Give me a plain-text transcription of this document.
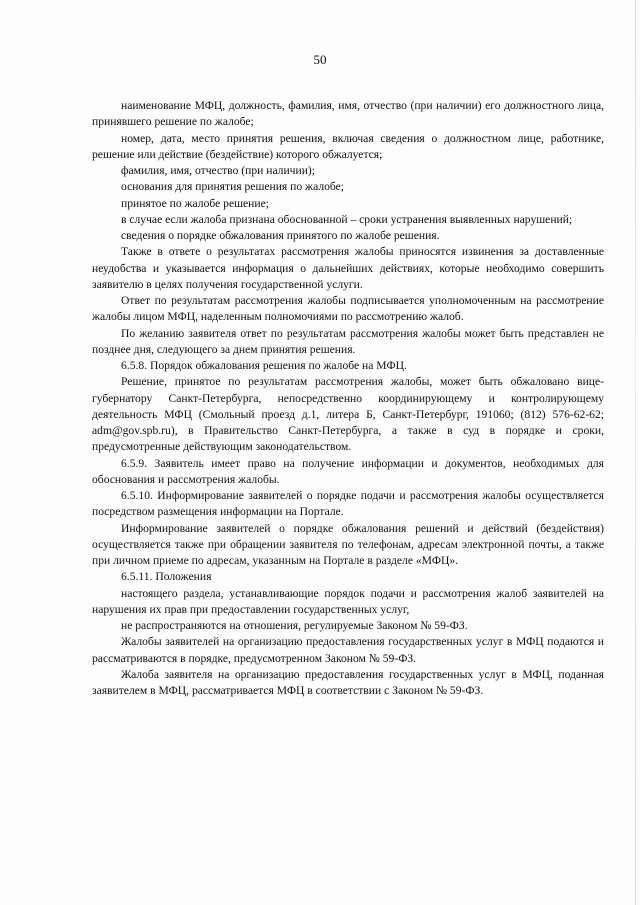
50

наименование МФЦ, должность, фамилия, имя, отчество (при наличии) его должностного лица, принявшего решение по жалобе;

номер, дата, место принятия решения, включая сведения о должностном лице, работнике, решение или действие (бездействие) которого обжалуется;

фамилия, имя, отчество (при наличии);

основания для принятия решения по жалобе;

принятое по жалобе решение;

в случае если жалоба признана обоснованной – сроки устранения выявленных нарушений;

сведения о порядке обжалования принятого по жалобе решения.

Также в ответе о результатах рассмотрения жалобы приносятся извинения за доставленные неудобства и указывается информация о дальнейших действиях, которые необходимо совершить заявителю в целях получения государственной услуги.

Ответ по результатам рассмотрения жалобы подписывается уполномоченным на рассмотрение жалобы лицом МФЦ, наделенным полномочиями по рассмотрению жалоб.

По желанию заявителя ответ по результатам рассмотрения жалобы может быть представлен не позднее дня, следующего за днем принятия решения.

6.5.8. Порядок обжалования решения по жалобе на МФЦ.

Решение, принятое по результатам рассмотрения жалобы, может быть обжаловано вице-губернатору Санкт-Петербурга, непосредственно координирующему и контролирующему деятельность МФЦ (Смольный проезд д.1, литера Б, Санкт-Петербург, 191060; (812) 576-62-62; adm@gov.spb.ru), в Правительство Санкт-Петербурга, а также в суд в порядке и сроки, предусмотренные действующим законодательством.

6.5.9. Заявитель имеет право на получение информации и документов, необходимых для обоснования и рассмотрения жалобы.

6.5.10. Информирование заявителей о порядке подачи и рассмотрения жалобы осуществляется посредством размещения информации на Портале.

Информирование заявителей о порядке обжалования решений и действий (бездействия) осуществляется также при обращении заявителя по телефонам, адресам электронной почты, а также при личном приеме по адресам, указанным на Портале в разделе «МФЦ».

6.5.11. Положения

настоящего раздела, устанавливающие порядок подачи и рассмотрения жалоб заявителей на нарушения их прав при предоставлении государственных услуг,

не распространяются на отношения, регулируемые Законом № 59-ФЗ.

Жалобы заявителей на организацию предоставления государственных услуг в МФЦ подаются и рассматриваются в порядке, предусмотренном Законом № 59-ФЗ.

Жалоба заявителя на организацию предоставления государственных услуг в МФЦ, поданная заявителем в МФЦ, рассматривается МФЦ в соответствии с Законом № 59-ФЗ.
